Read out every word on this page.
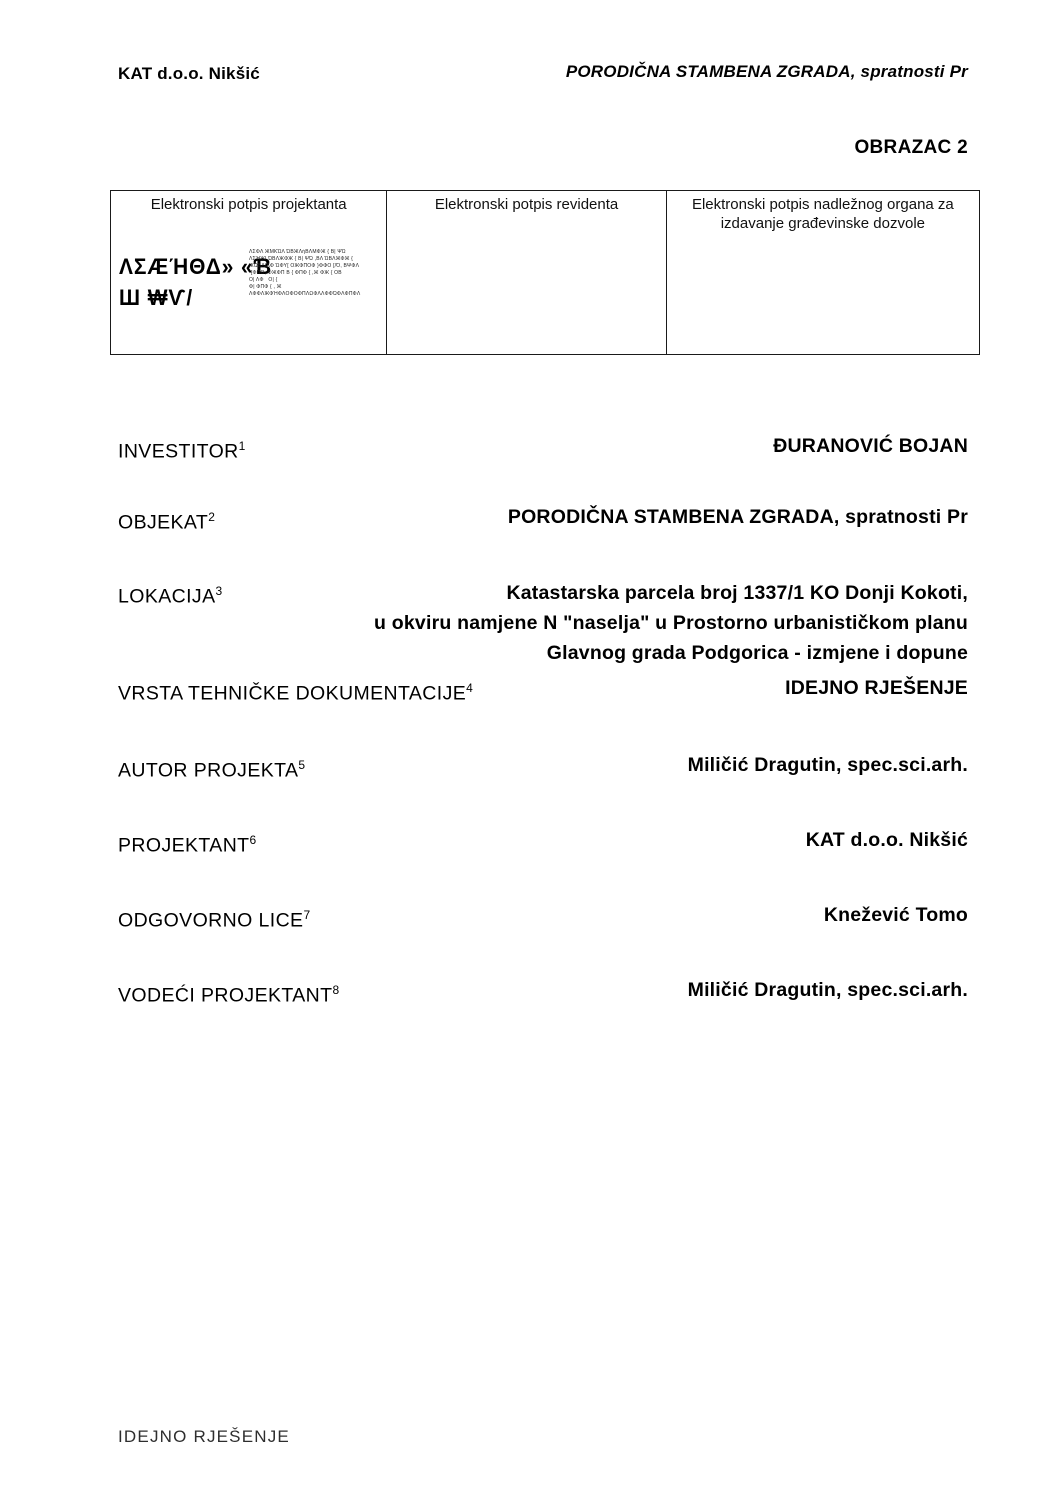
KAT d.o.o. Nikšić	PORODIČNA STAMBENA ZGRADA, spratnosti Pr
OBRAZAC 2
Elektronski potpis projektanta
ΛΣÆΉΘΔ» «Ɓ
Ш ₩Ѵ/
ΛΣΦΛ ЖΜΚΏΛ ΏΒЖΛήΒΛΜΦЖ { Β| ΨΏ
ΛΣΉЖΙ ΏΒΛЖΦЖ { Β| ΨΏ ,ΒΛ ΏΒΛЖΦЖ {
ЖΏΒΛ|ΛΦ ΏΦΥ[ ΟЖΦΠΟΦ }ΦΦΟ [/Ό, ΒΨΦΛ
·[ΦΠΟ, ΦЖΦΠ Β { ΦΠΦ { ,Ж ΦЖ { ΟΒ
Ο| ΛΦ   Ο| {
Φ| ΦΠΦ { , Ж
ΛΦΦΛЖΦΉΦΛΟΦΟΦΠΛΩΦΛΛΦΦΏΦΛΦΠΦΛ
Elektronski potpis revidenta	Elektronski potpis nadležnog organa za izdavanje građevinske dozvole
INVESTITOR$^1$	ĐURANOVIĆ BOJAN
OBJEKAT$^2$	PORODIČNA STAMBENA ZGRADA, spratnosti Pr
LOKACIJA$^3$	Katastarska parcela broj 1337/1 KO Donji Kokoti,
u okviru namjene N "naselja" u Prostorno urbanističkom planu
Glavnog grada Podgorica - izmjene i dopune
VRSTA TEHNIČKE DOKUMENTACIJE$^4$	IDEJNO RJEŠENJE
AUTOR PROJEKTA$^5$	Miličić Dragutin, spec.sci.arh.
PROJEKTANT$^6$	KAT d.o.o. Nikšić
ODGOVORNO LICE$^7$	Knežević Tomo
VODEĆI PROJEKTANT$^8$	Miličić Dragutin, spec.sci.arh.
IDEJNO RJEŠENJE
